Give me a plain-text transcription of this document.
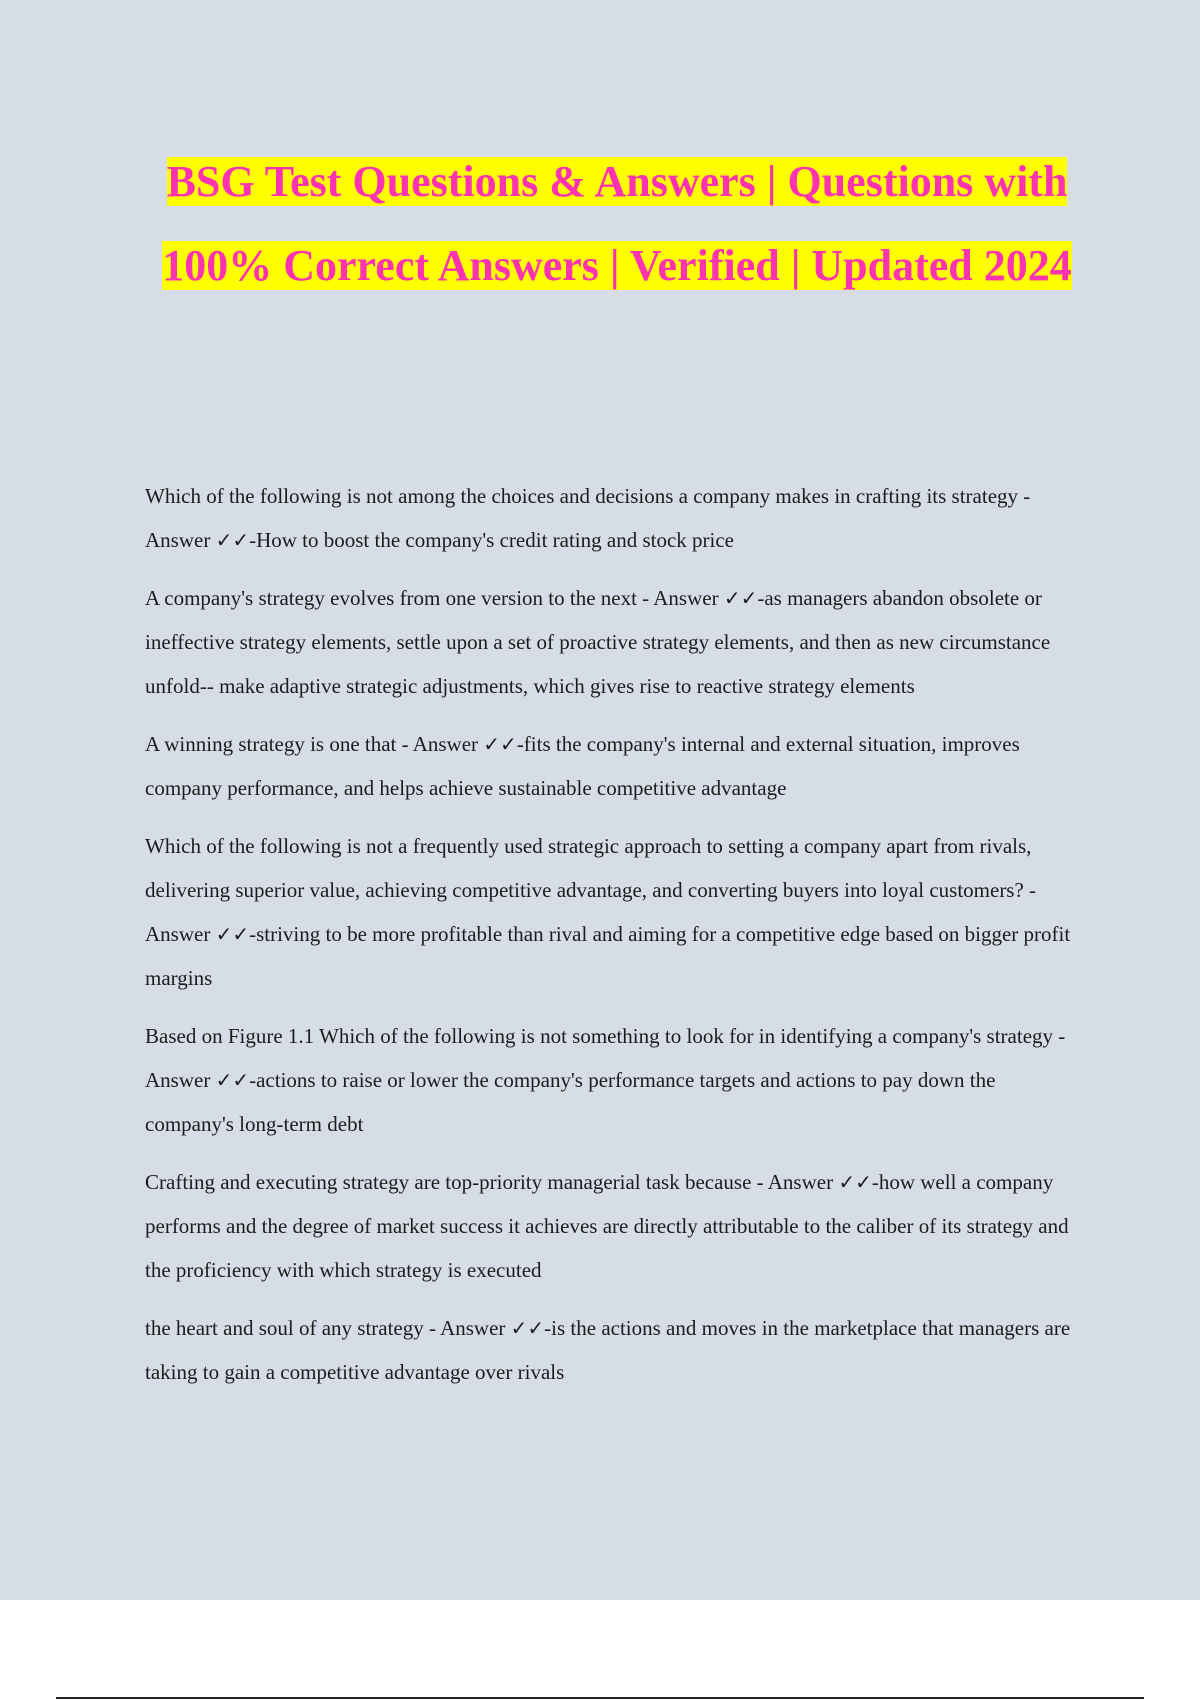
BSG Test Questions & Answers | Questions with 100% Correct Answers | Verified | Updated 2024

Which of the following is not among the choices and decisions a company makes in crafting its strategy - Answer ✓✓-How to boost the company's credit rating and stock price

A company's strategy evolves from one version to the next - Answer ✓✓-as managers abandon obsolete or ineffective strategy elements, settle upon a set of proactive strategy elements, and then as new circumstance unfold-- make adaptive strategic adjustments, which gives rise to reactive strategy elements

A winning strategy is one that - Answer ✓✓-fits the company's internal and external situation, improves company performance, and helps achieve sustainable competitive advantage

Which of the following is not a frequently used strategic approach to setting a company apart from rivals, delivering superior value, achieving competitive advantage, and converting buyers into loyal customers? - Answer ✓✓-striving to be more profitable than rival and aiming for a competitive edge based on bigger profit margins

Based on Figure 1.1 Which of the following is not something to look for in identifying a company's strategy - Answer ✓✓-actions to raise or lower the company's performance targets and actions to pay down the company's long-term debt

Crafting and executing strategy are top-priority managerial task because - Answer ✓✓-how well a company performs and the degree of market success it achieves are directly attributable to the caliber of its strategy and the proficiency with which strategy is executed

the heart and soul of any strategy - Answer ✓✓-is the actions and moves in the marketplace that managers are taking to gain a competitive advantage over rivals
